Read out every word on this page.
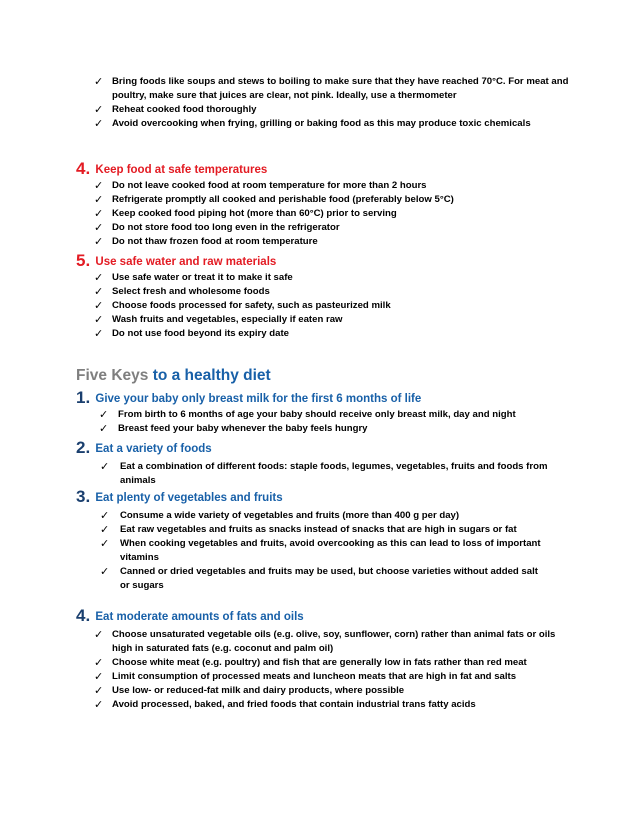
✓ Bring foods like soups and stews to boiling to make sure that they have reached 70°C. For meat and poultry, make sure that juices are clear, not pink. Ideally, use a thermometer

✓ Reheat cooked food thoroughly

✓ Avoid overcooking when frying, grilling or baking food as this may produce toxic chemicals

4. Keep food at safe temperatures

✓ Do not leave cooked food at room temperature for more than 2 hours

✓ Refrigerate promptly all cooked and perishable food (preferably below 5°C)

✓ Keep cooked food piping hot (more than 60°C) prior to serving

✓ Do not store food too long even in the refrigerator

✓ Do not thaw frozen food at room temperature

5. Use safe water and raw materials

✓ Use safe water or treat it to make it safe

✓ Select fresh and wholesome foods

✓ Choose foods processed for safety, such as pasteurized milk

✓ Wash fruits and vegetables, especially if eaten raw

✓ Do not use food beyond its expiry date

Five Keys to a healthy diet

1. Give your baby only breast milk for the first 6 months of life

✓ From birth to 6 months of age your baby should receive only breast milk, day and night

✓ Breast feed your baby whenever the baby feels hungry

2. Eat a variety of foods

✓ Eat a combination of different foods: staple foods, legumes, vegetables, fruits and foods from animals

3. Eat plenty of vegetables and fruits

✓ Consume a wide variety of vegetables and fruits (more than 400 g per day)

✓ Eat raw vegetables and fruits as snacks instead of snacks that are high in sugars or fat

✓ When cooking vegetables and fruits, avoid overcooking as this can lead to loss of important vitamins

✓ Canned or dried vegetables and fruits may be used, but choose varieties without added salt or sugars

4. Eat moderate amounts of fats and oils

✓ Choose unsaturated vegetable oils (e.g. olive, soy, sunflower, corn) rather than animal fats or oils high in saturated fats (e.g. coconut and palm oil)

✓ Choose white meat (e.g. poultry) and fish that are generally low in fats rather than red meat

✓ Limit consumption of processed meats and luncheon meats that are high in fat and salts

✓ Use low- or reduced-fat milk and dairy products, where possible

✓ Avoid processed, baked, and fried foods that contain industrial trans fatty acids
